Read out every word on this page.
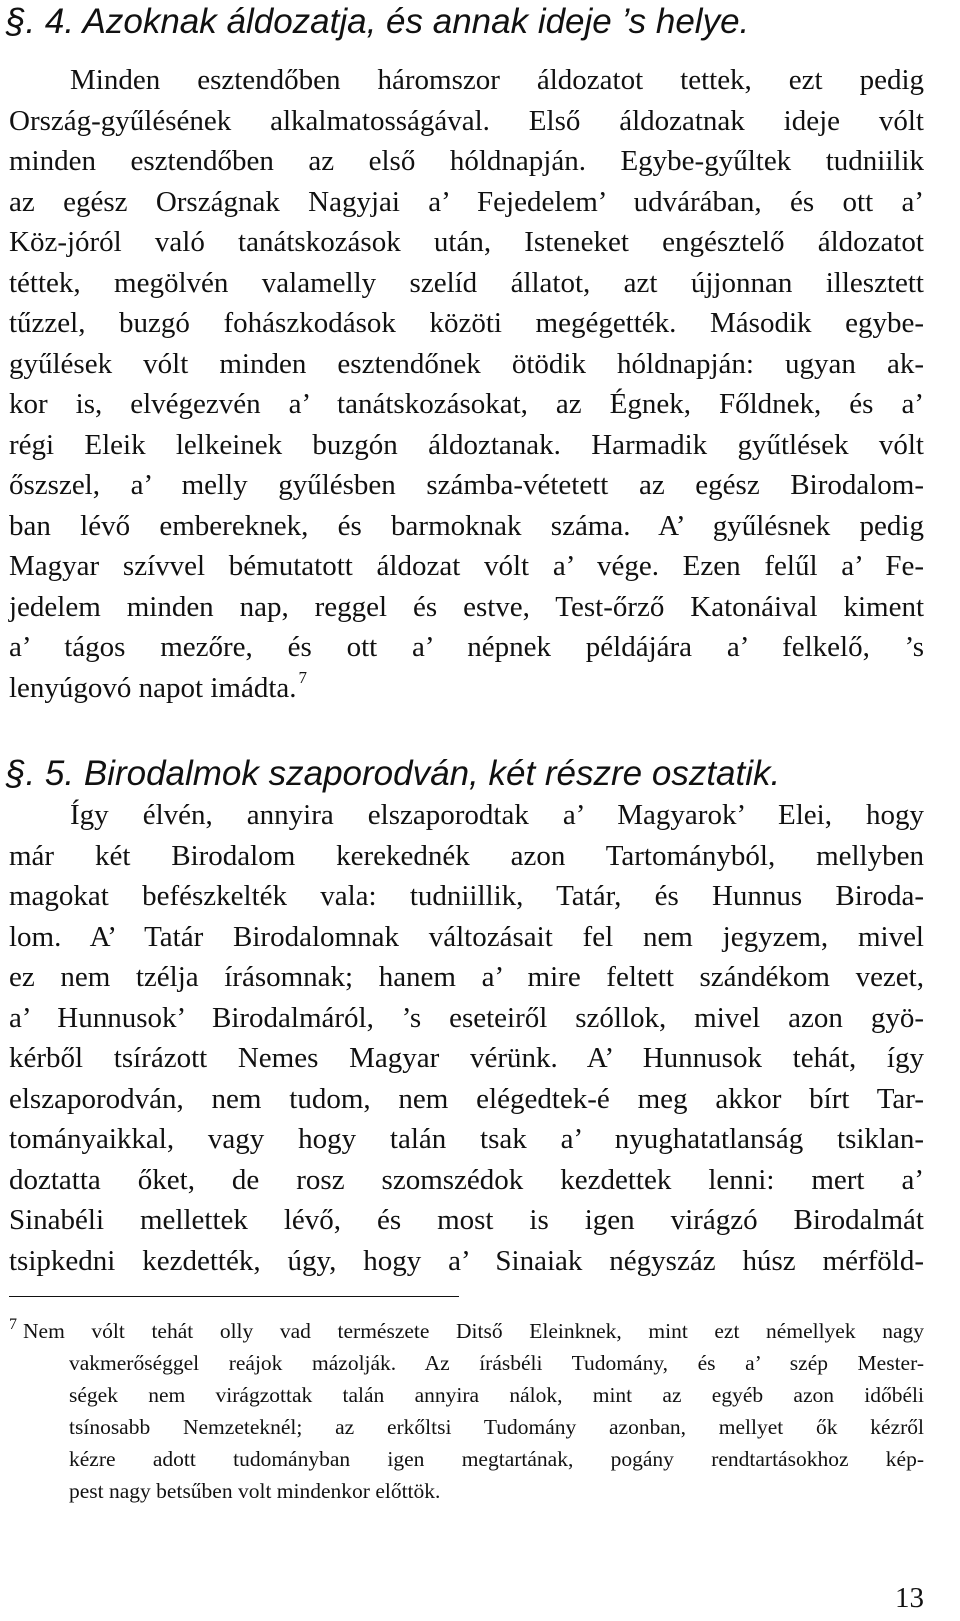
§. 4. Azoknak áldozatja, és annak ideje ’s helye.

Minden esztendőben háromszor áldozatot tettek, ezt pedig
Ország-gyűlésének alkalmatosságával. Első áldozatnak ideje vólt
minden esztendőben az első hóldnapján. Egybe-gyűltek tudniilik
az egész Országnak Nagyjai a’ Fejedelem’ udvárában, és ott a’
Köz-jóról való tanátskozások után, Isteneket engésztelő áldozatot
téttek, megölvén valamelly szelíd állatot, azt újjonnan illesztett
tűzzel, buzgó fohászkodások közöti megégették. Második egybe-
gyűlések vólt minden esztendőnek ötödik hóldnapján: ugyan ak-
kor is, elvégezvén a’ tanátskozásokat, az Égnek, Főldnek, és a’
régi Eleik lelkeinek buzgón áldoztanak. Harmadik gyűtlések vólt
őszszel, a’ melly gyűlésben számba-vétetett az egész Birodalom-
ban lévő embereknek, és barmoknak száma. A’ gyűlésnek pedig
Magyar szívvel bémutatott áldozat vólt a’ vége. Ezen felűl a’ Fe-
jedelem minden nap, reggel és estve, Test-őrző Katonáival kiment
a’ tágos mezőre, és ott a’ népnek példájára a’ felkelő, ’s
lenyúgovó napot imádta. $^7$

§. 5. Birodalmok szaporodván, két részre osztatik.

Így élvén, annyira elszaporodtak a’ Magyarok’ Elei, hogy
már két Birodalom kerekednék azon Tartományból, mellyben
magokat befészkelték vala: tudniillik, Tatár, és Hunnus Biroda-
lom. A’ Tatár Birodalomnak változásait fel nem jegyzem, mivel
ez nem tzélja írásomnak; hanem a’ mire feltett szándékom vezet,
a’ Hunnusok’ Birodalmáról, ’s eseteiről szóllok, mivel azon gyö-
kérből tsírázott Nemes Magyar vérünk. A’ Hunnusok tehát, így
elszaporodván, nem tudom, nem elégedtek-é meg akkor bírt Tar-
tományaikkal, vagy hogy talán tsak a’ nyughatatlanság tsiklan-
doztatta őket, de rosz szomszédok kezdettek lenni: mert a’
Sinabéli mellettek lévő, és most is igen virágzó Birodalmát
tsipkedni kezdették, úgy, hogy a’ Sinaiak négyszáz húsz mérföld-

$^7$ Nem vólt tehát olly vad természete Ditső Eleinknek, mint ezt némellyek nagy
vakmerőséggel reájok mázolják. Az írásbéli Tudomány, és a’ szép Mester-
ségek nem virágzottak talán annyira nálok, mint az egyéb azon időbéli
tsínosabb Nemzeteknél; az erkőltsi Tudomány azonban, mellyet ők kézről
kézre adott tudományban igen megtartának, pogány rendtartásokhoz kép-
pest nagy betsűben volt mindenkor előttök.

13
